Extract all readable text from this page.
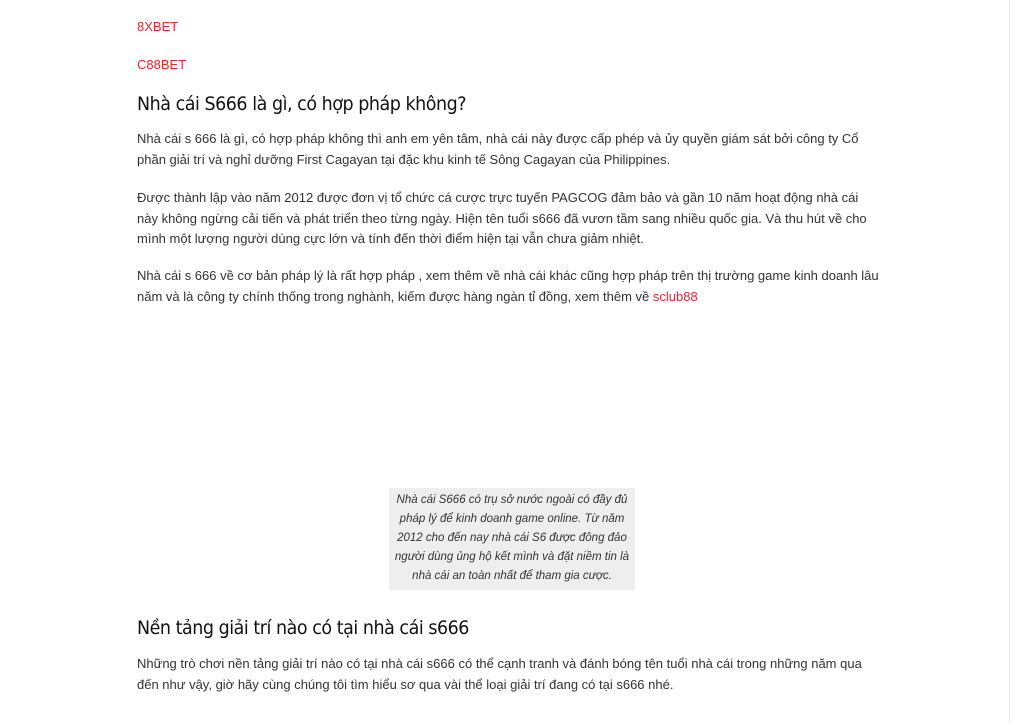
8XBET
C88BET
Nhà cái S666 là gì, có hợp pháp không?

Nhà cái s 666 là gì, có hợp pháp không thì anh em yên tâm, nhà cái này được cấp phép và ủy quyền giám sát bởi công ty Cổ phần giải trí và nghỉ dưỡng First Cagayan tại đặc khu kinh tế Sông Cagayan của Philippines.

Được thành lập vào năm 2012 được đơn vị tổ chức cá cược trực tuyến PAGCOG đảm bảo và gần 10 năm hoạt động nhà cái này không ngừng cải tiến và phát triển theo từng ngày. Hiện tên tuổi s666 đã vươn tầm sang nhiều quốc gia. Và thu hút về cho mình một lượng người dùng cực lớn và tính đến thời điểm hiện tại vẫn chưa giảm nhiệt.

Nhà cái s 666 về cơ bản pháp lý là rất hợp pháp , xem thêm về nhà cái khác cũng hợp pháp trên thị trường game kinh doanh lâu năm và là công ty chính thống trong nghành, kiếm được hàng ngàn tỉ đồng, xem thêm về sclub88

Nhà cái S666 có trụ sở nước ngoài có đầy đủ pháp lý để kinh doanh game online. Từ năm 2012 cho đến nay nhà cái S6 được đông đảo người dùng ủng hộ kết mình và đặt niềm tin là nhà cái an toàn nhất để tham gia cược.
Nền tảng giải trí nào có tại nhà cái s666

Những trò chơi nền tảng giải trí nào có tại nhà cái s666 có thể cạnh tranh và đánh bóng tên tuổi nhà cái trong những năm qua đến như vậy, giờ hãy cùng chúng tôi tìm hiểu sơ qua vài thể loại giải trí đang có tại s666 nhé.
